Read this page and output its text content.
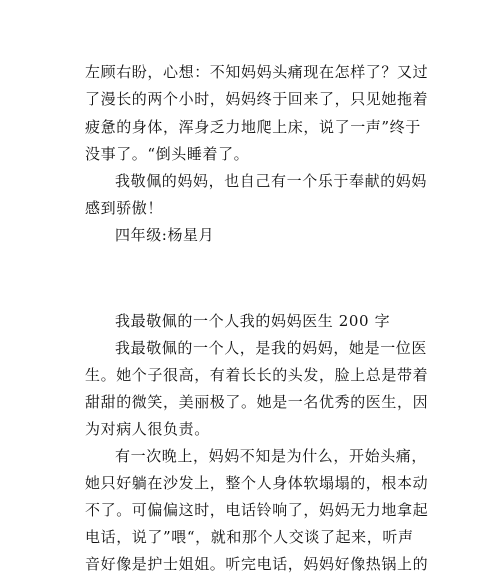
左顾右盼，心想：不知妈妈头痛现在怎样了？又过
了漫长的两个小时，妈妈终于回来了，只见她拖着
疲惫的身体，浑身乏力地爬上床，说了一声”终于
没事了。“倒头睡着了。
我敬佩的妈妈，也自己有一个乐于奉献的妈妈
感到骄傲！
四年级:杨星月
我最敬佩的一个人我的妈妈医生 200 字
我最敬佩的一个人，是我的妈妈，她是一位医
生。她个子很高，有着长长的头发，脸上总是带着
甜甜的微笑，美丽极了。她是一名优秀的医生，因
为对病人很负责。
有一次晚上，妈妈不知是为什么，开始头痛，
她只好躺在沙发上，整个人身体软塌塌的，根本动
不了。可偏偏这时，电话铃响了，妈妈无力地拿起
电话，说了”喂“，就和那个人交谈了起来，听声
音好像是护士姐姐。听完电话，妈妈好像热锅上的
